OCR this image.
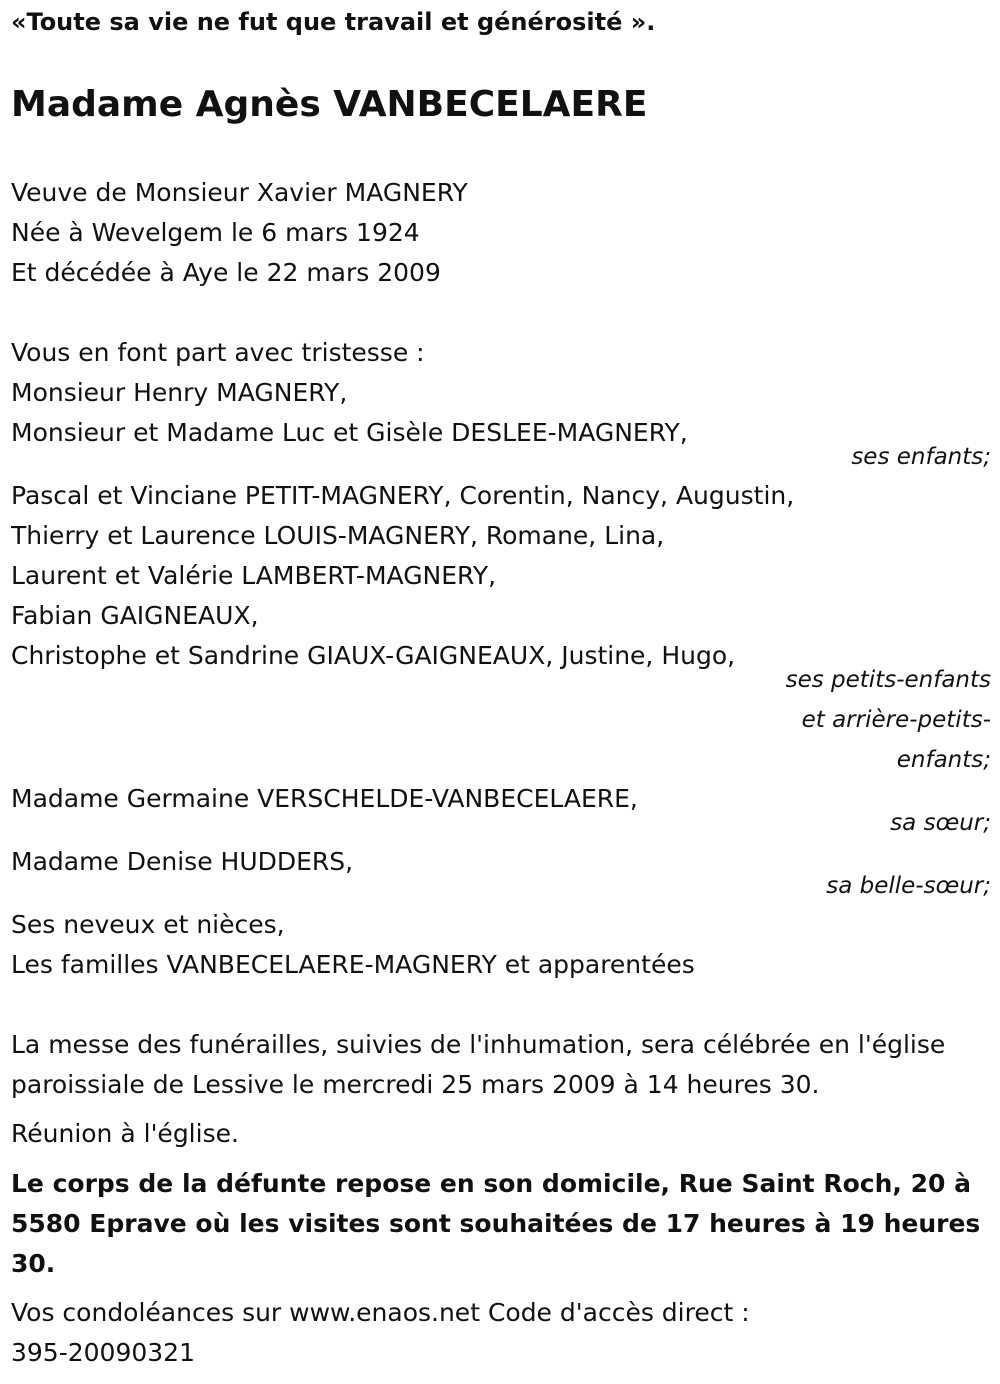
«Toute sa vie ne fut que travail et générosité ».
Madame Agnès VANBECELAERE
Veuve de Monsieur Xavier MAGNERY
Née à Wevelgem le 6 mars 1924
Et décédée à Aye le 22 mars 2009
Vous en font part avec tristesse :
Monsieur Henry MAGNERY,
Monsieur et Madame Luc et Gisèle DESLEE-MAGNERY,
ses enfants;
Pascal et Vinciane PETIT-MAGNERY, Corentin, Nancy, Augustin,
Thierry et Laurence LOUIS-MAGNERY, Romane, Lina,
Laurent et Valérie LAMBERT-MAGNERY,
Fabian GAIGNEAUX,
Christophe et Sandrine GIAUX-GAIGNEAUX, Justine, Hugo,
ses petits-enfants
et arrière-petits-
enfants;
Madame Germaine VERSCHELDE-VANBECELAERE,
sa sœur;
Madame Denise HUDDERS,
sa belle-sœur;
Ses neveux et nièces,
Les familles VANBECELAERE-MAGNERY et apparentées
La messe des funérailles, suivies de l'inhumation, sera célébrée en l'église
paroissiale de Lessive le mercredi 25 mars 2009 à 14 heures 30.
Réunion à l'église.
Le corps de la défunte repose en son domicile, Rue Saint Roch, 20 à
5580 Eprave où les visites sont souhaitées de 17 heures à 19 heures
30.
Vos condoléances sur www.enaos.net Code d'accès direct :
395-20090321
